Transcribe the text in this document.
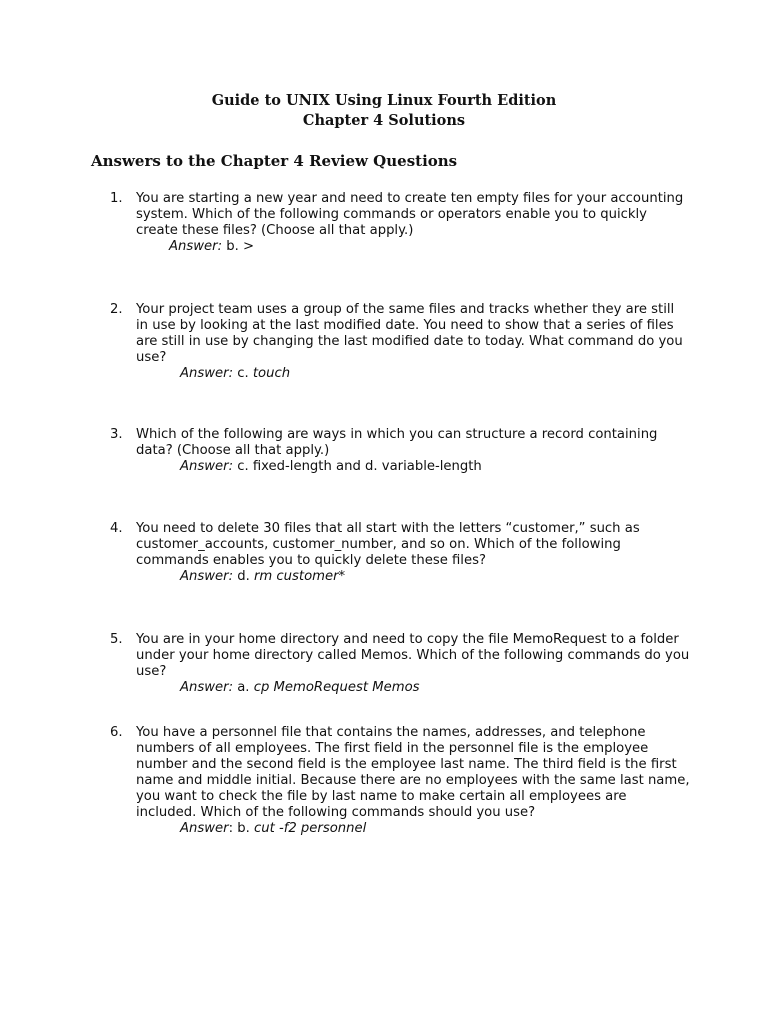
Guide to UNIX Using Linux Fourth Edition
Chapter 4 Solutions
Answers to the Chapter 4 Review Questions
1.	You are starting a new year and need to create ten empty files for your accounting system. Which of the following commands or operators enable you to quickly create these files? (Choose all that apply.)
Answer: b. >
2.	Your project team uses a group of the same files and tracks whether they are still in use by looking at the last modified date. You need to show that a series of files are still in use by changing the last modified date to today. What command do you use?
Answer: c. touch
3.	Which of the following are ways in which you can structure a record containing data? (Choose all that apply.)
Answer: c. fixed-length and d. variable-length
4.	You need to delete 30 files that all start with the letters “customer,” such as customer_accounts, customer_number, and so on. Which of the following commands enables you to quickly delete these files?
Answer: d. rm customer*
5.	You are in your home directory and need to copy the file MemoRequest to a folder under your home directory called Memos. Which of the following commands do you use?
Answer: a. cp MemoRequest Memos
6.	You have a personnel file that contains the names, addresses, and telephone numbers of all employees. The first field in the personnel file is the employee number and the second field is the employee last name. The third field is the first name and middle initial. Because there are no employees with the same last name, you want to check the file by last name to make certain all employees are included. Which of the following commands should you use?
Answer: b. cut -f2 personnel
